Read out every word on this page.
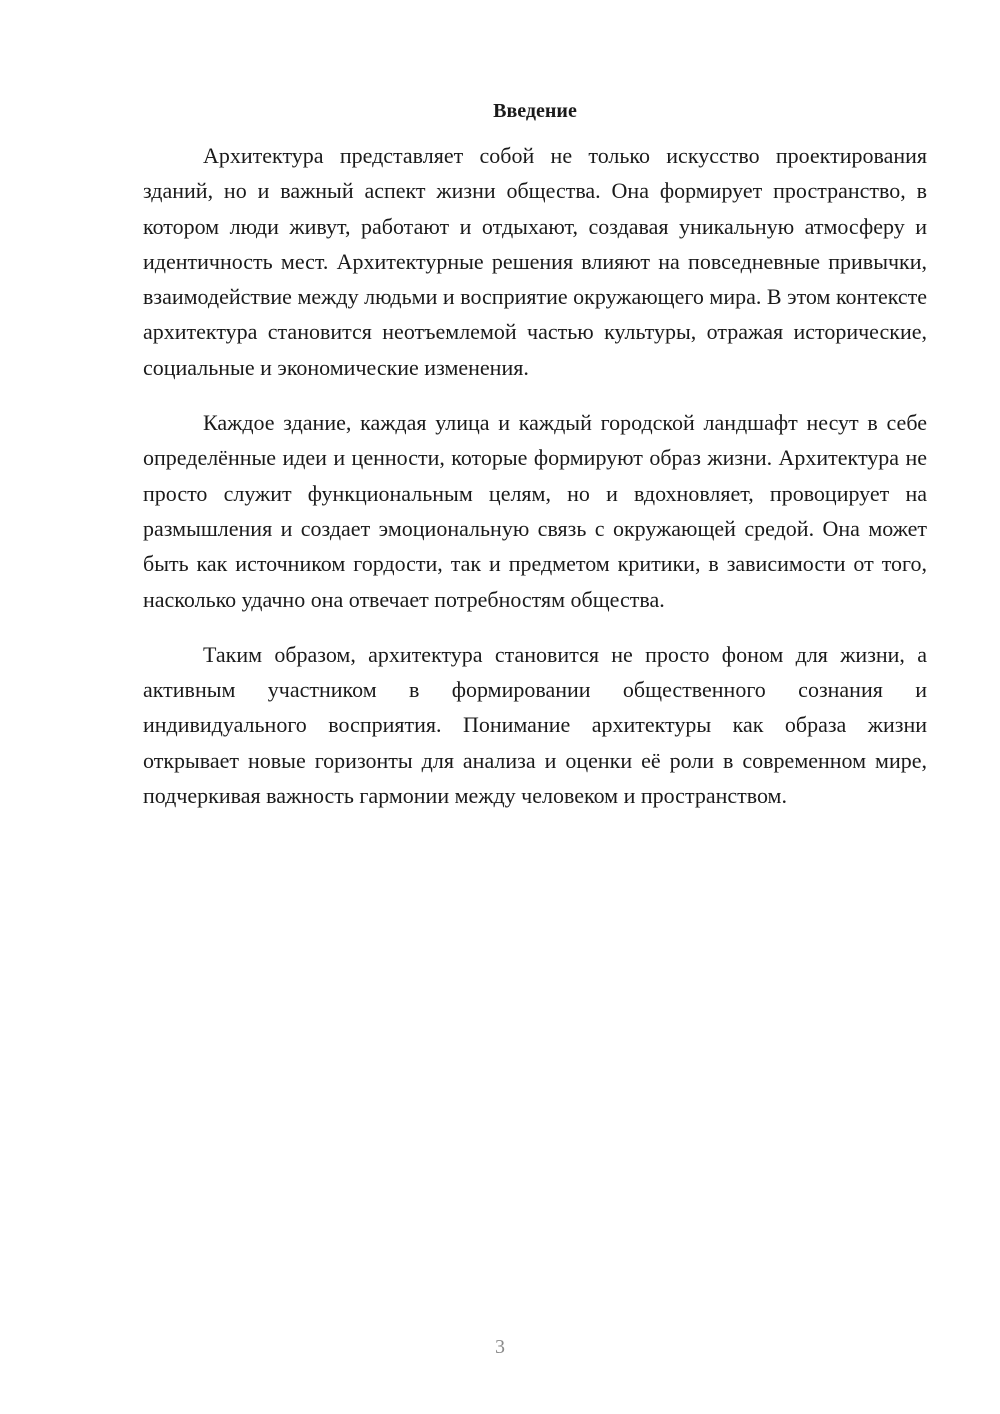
Введение

Архитектура представляет собой не только искусство проектирования зданий, но и важный аспект жизни общества. Она формирует пространство, в котором люди живут, работают и отдыхают, создавая уникальную атмосферу и идентичность мест. Архитектурные решения влияют на повседневные привычки, взаимодействие между людьми и восприятие окружающего мира. В этом контексте архитектура становится неотъемлемой частью культуры, отражая исторические, социальные и экономические изменения.

Каждое здание, каждая улица и каждый городской ландшафт несут в себе определённые идеи и ценности, которые формируют образ жизни. Архитектура не просто служит функциональным целям, но и вдохновляет, провоцирует на размышления и создает эмоциональную связь с окружающей средой. Она может быть как источником гордости, так и предметом критики, в зависимости от того, насколько удачно она отвечает потребностям общества.

Таким образом, архитектура становится не просто фоном для жизни, а активным участником в формировании общественного сознания и индивидуального восприятия. Понимание архитектуры как образа жизни открывает новые горизонты для анализа и оценки её роли в современном мире, подчеркивая важность гармонии между человеком и пространством.

3
